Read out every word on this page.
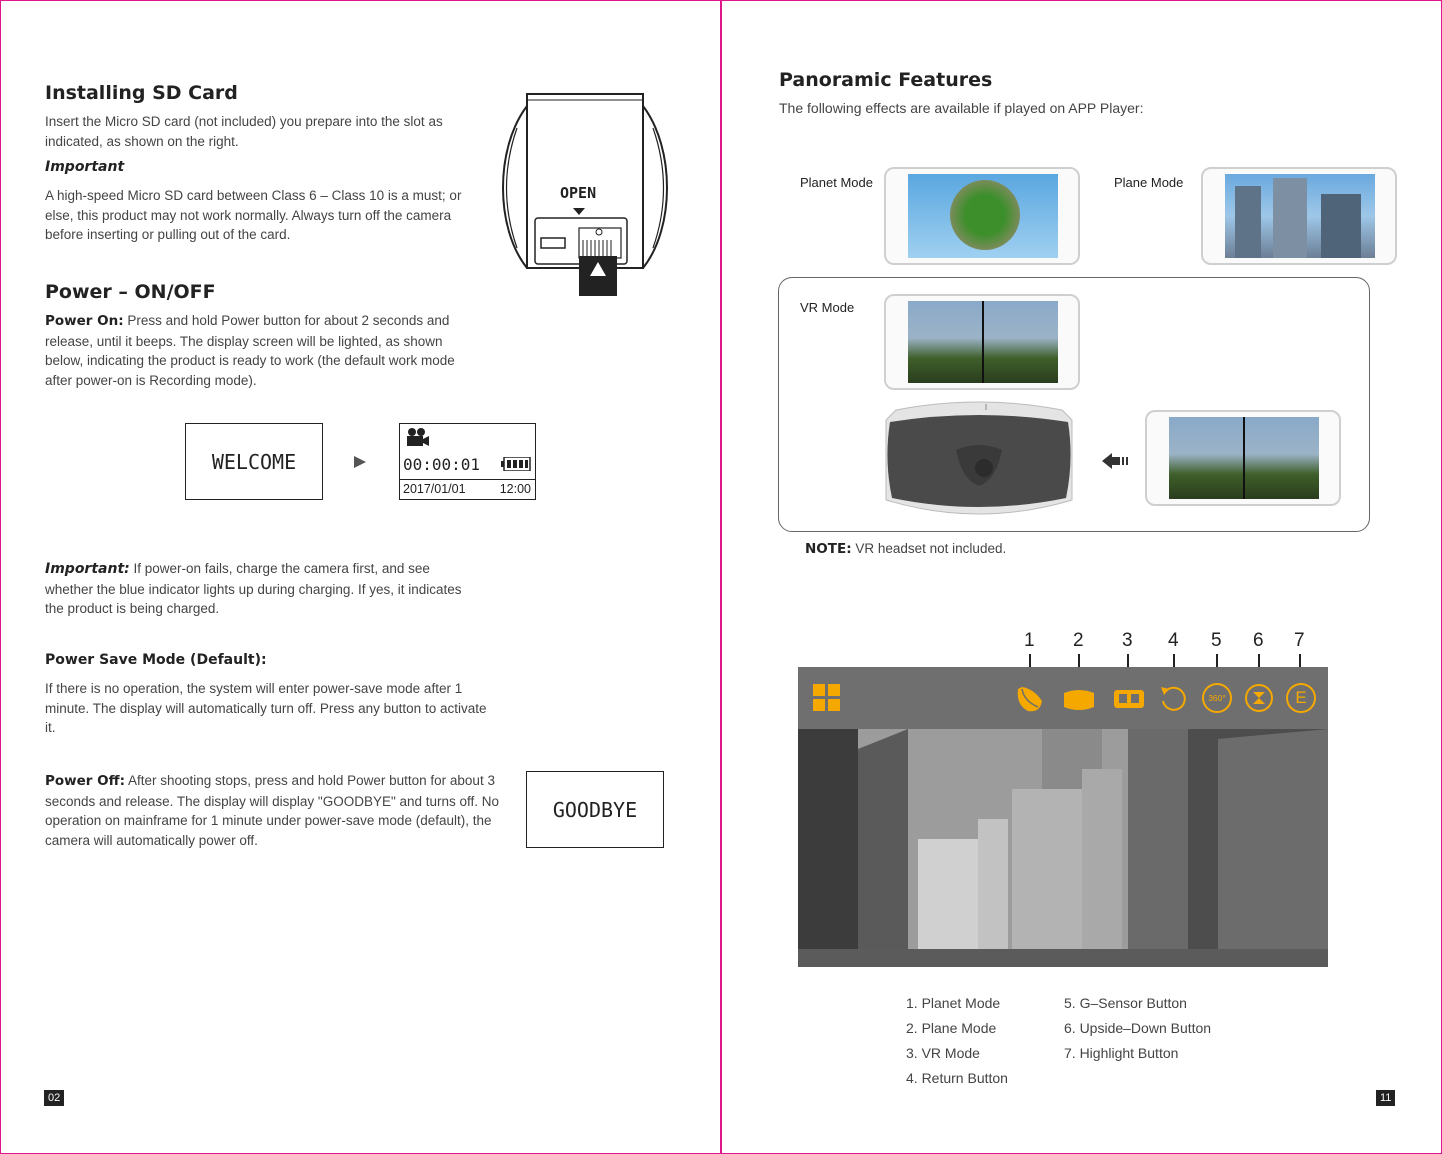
Installing SD Card
Insert the Micro SD card (not included) you prepare into the slot as indicated, as shown on the right.
Important
A high-speed Micro SD card between Class 6 – Class 10 is a must; or else, this product may not work normally. Always turn off the camera before inserting or pulling out of the card.
OPEN
Power – ON/OFF
Power On: Press and hold Power button for about 2 seconds and release, until it beeps. The display screen will be lighted, as shown below, indicating the product is ready to work (the default work mode after power-on is Recording mode).
WELCOME	00:00:01
2017/01/01	12:00
Important: If power-on fails, charge the camera first, and see whether the blue indicator lights up during charging. If yes, it indicates the product is being charged.
Power Save Mode (Default):
If there is no operation, the system will enter power-save mode after 1 minute. The display will automatically turn off. Press any button to activate it.
Power Off: After shooting stops, press and hold Power button for about 3 seconds and release. The display will display "GOODBYE" and turns off. No operation on mainframe for 1 minute under power-save mode (default), the camera will automatically power off.
GOODBYE
02
Panoramic Features
The following effects are available if played on APP Player:
Planet Mode	Plane Mode
VR Mode
NOTE: VR headset not included.
1 2 3 4 5 6 7
360°	E
1. Planet Mode
2. Plane Mode
3. VR Mode
4. Return Button
5. G–Sensor Button
6. Upside–Down Button
7. Highlight Button
11
